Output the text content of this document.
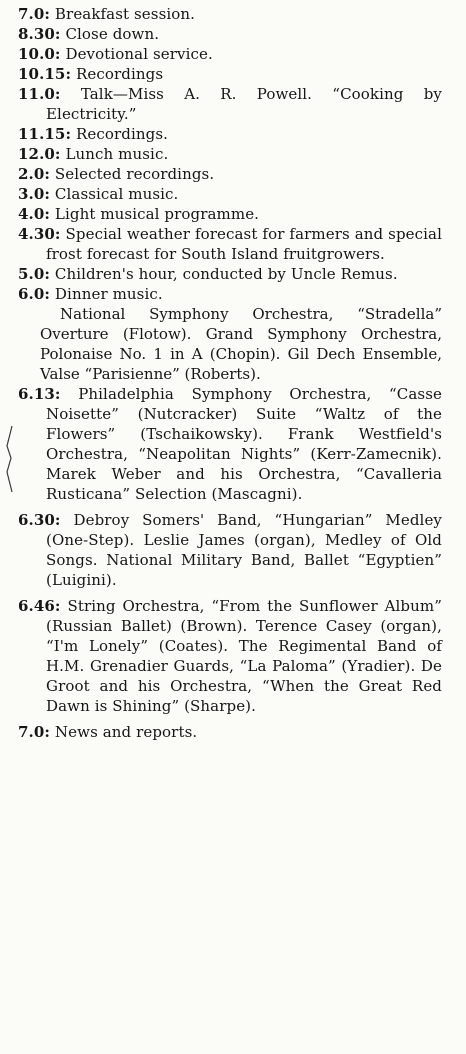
7.0: Breakfast session.

8.30: Close down.

10.0: Devotional service.

10.15: Recordings

11.0: Talk—Miss A. R. Powell. “Cooking by Electricity.”

11.15: Recordings.

12.0: Lunch music.

2.0: Selected recordings.

3.0: Classical music.

4.0: Light musical programme.

4.30: Special weather forecast for farmers and special frost forecast for South Island fruitgrowers.

5.0: Children's hour, conducted by Uncle Remus.

6.0: Dinner music.

National Symphony Orchestra, “Stradella” Overture (Flotow). Grand Symphony Orchestra, Polonaise No. 1 in A (Chopin). Gil Dech Ensemble, Valse “Parisienne” (Roberts).

6.13: Philadelphia Symphony Orchestra, “Casse Noisette” (Nutcracker) Suite “Waltz of the Flowers” (Tschaikowsky). Frank Westfield's Orchestra, “Neapolitan Nights” (Kerr-Zamecnik). Marek Weber and his Orchestra, “Cavalleria Rusticana” Selection (Mascagni).

6.30: Debroy Somers' Band, “Hungarian” Medley (One-Step). Leslie James (organ), Medley of Old Songs. National Military Band, Ballet “Egyptien” (Luigini).

6.46: String Orchestra, “From the Sunflower Album” (Russian Ballet) (Brown). Terence Casey (organ), “I'm Lonely” (Coates). The Regimental Band of H.M. Grenadier Guards, “La Paloma” (Yradier). De Groot and his Orchestra, “When the Great Red Dawn is Shining” (Sharpe).

7.0: News and reports.
